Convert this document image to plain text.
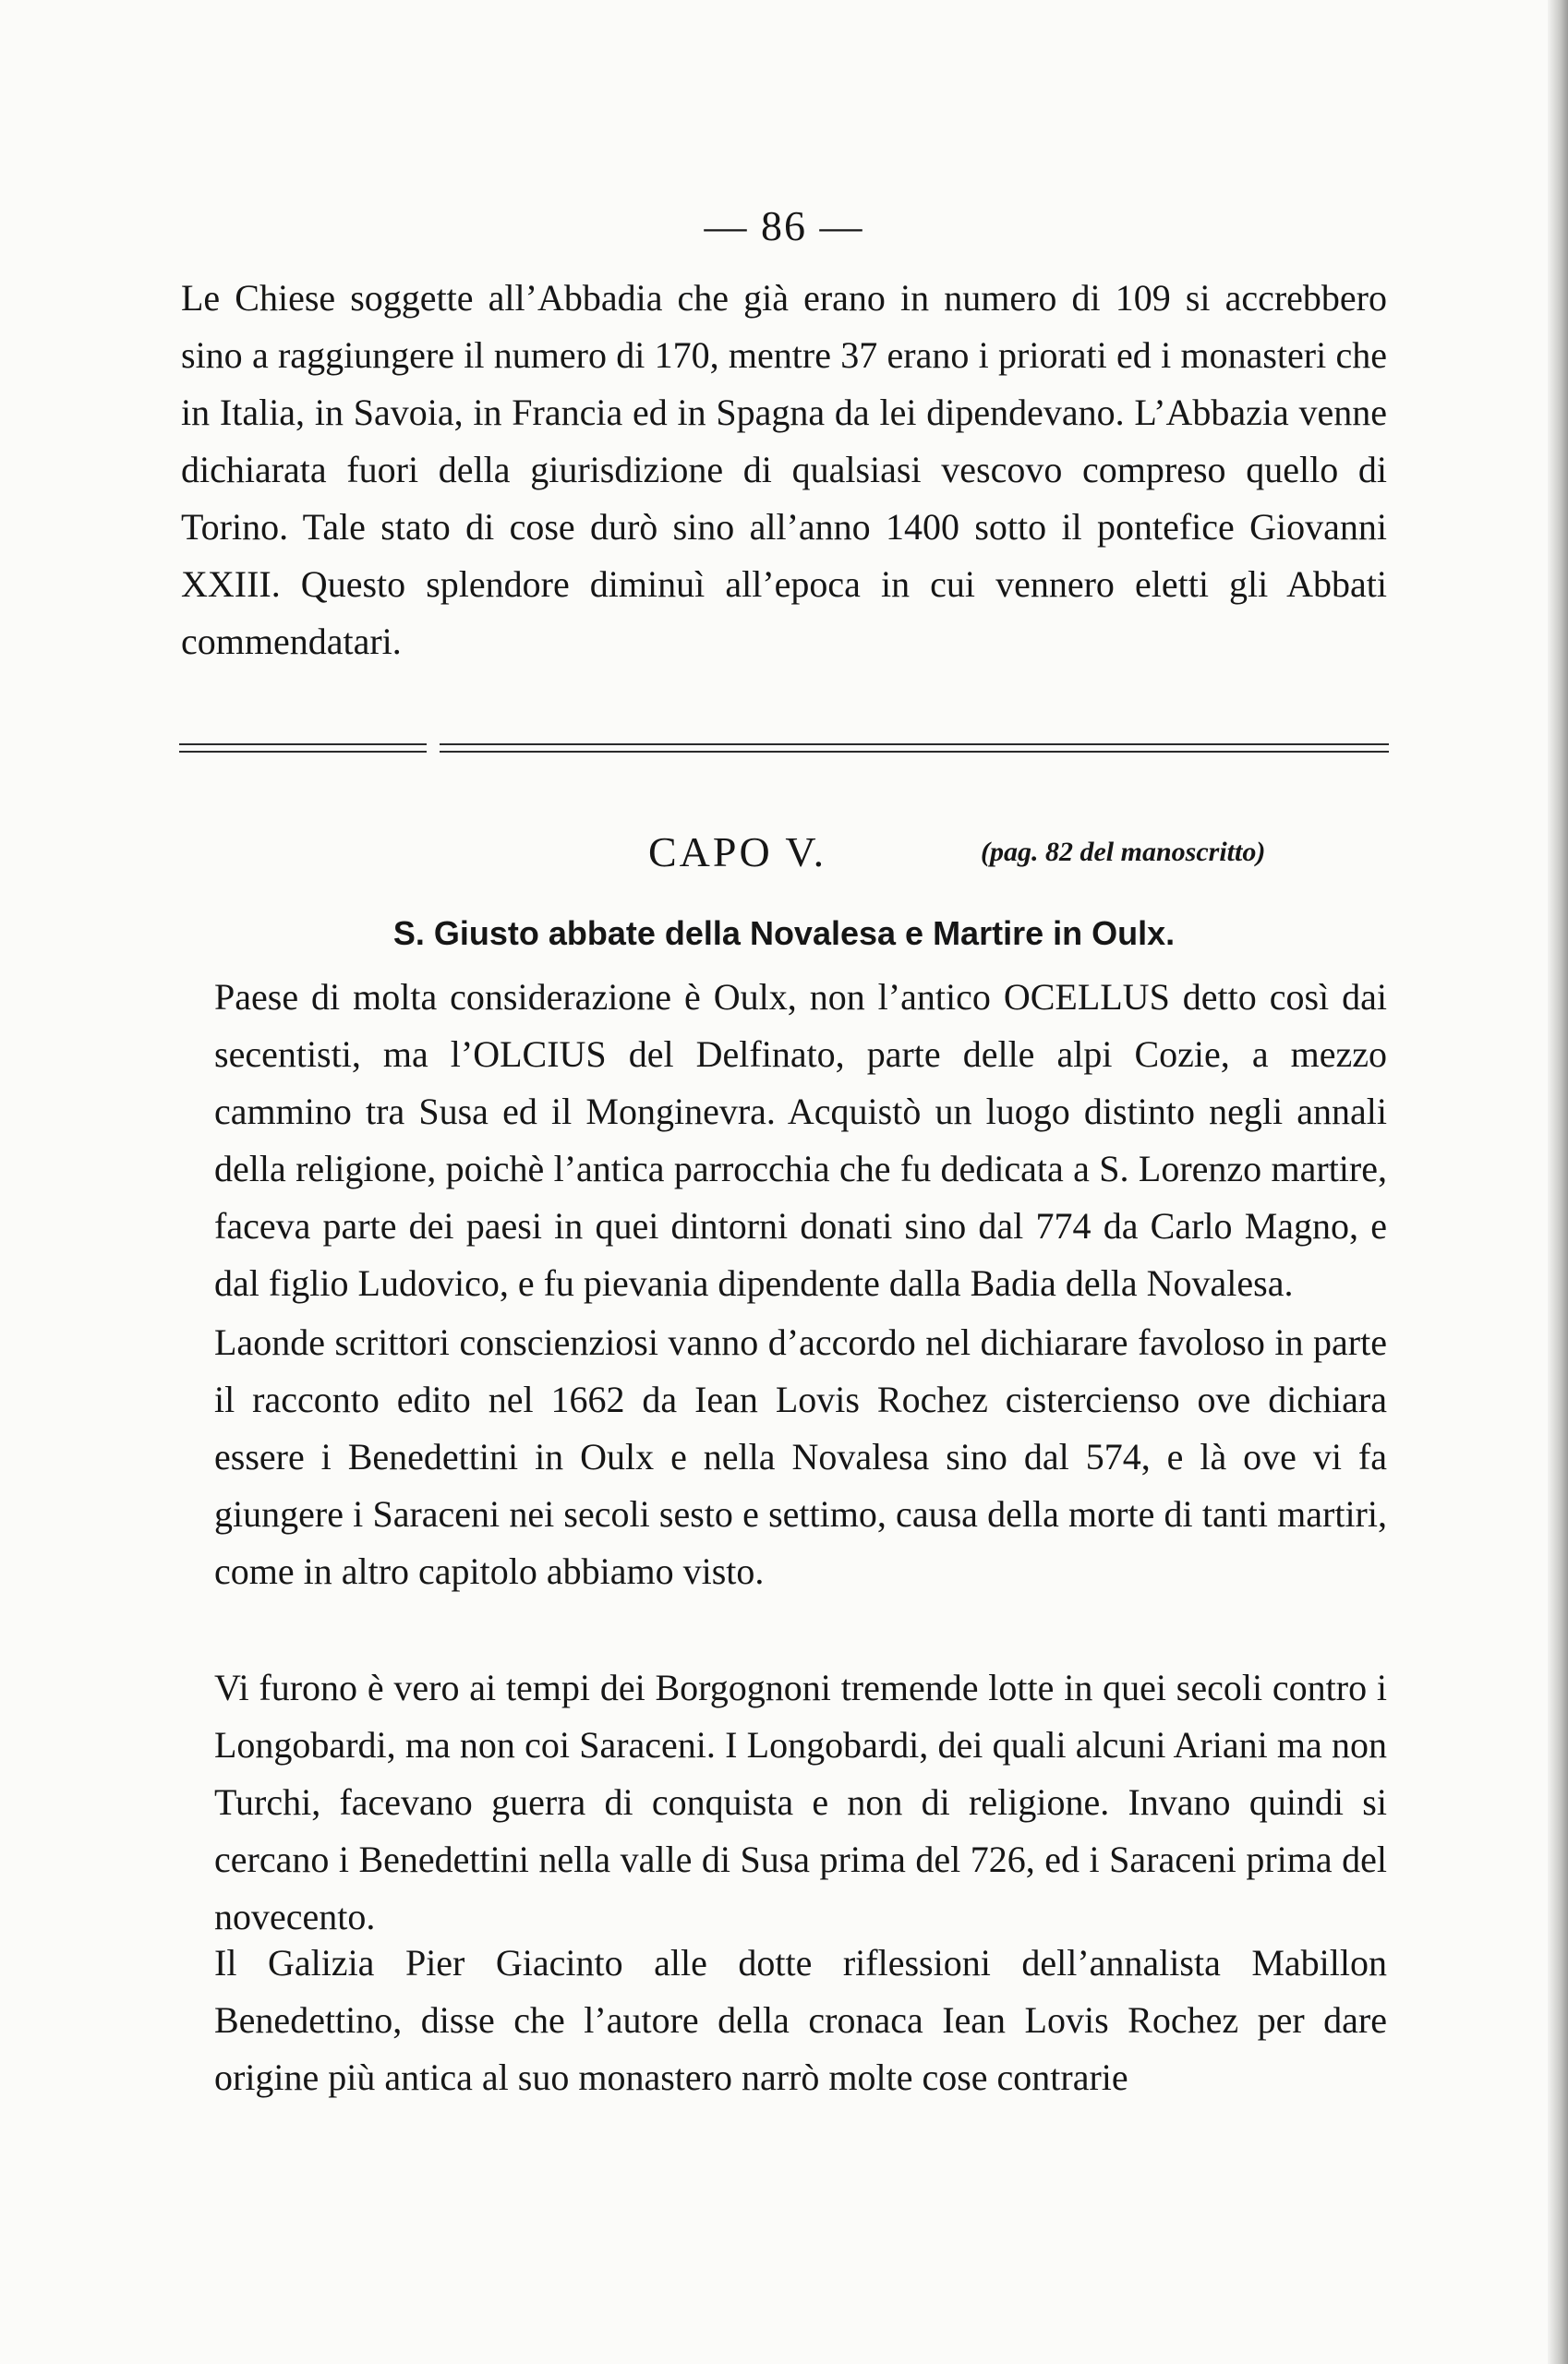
— 86 —

Le Chiese soggette all’Abbadia che già erano in numero di 109 si accrebbero sino a raggiungere il numero di 170, mentre 37 erano i priorati ed i monasteri che in Italia, in Savoia, in Francia ed in Spagna da lei dipendevano. L’Abbazia venne dichiarata fuori della giurisdizione di qualsiasi vescovo compreso quello di Torino. Tale stato di cose durò sino all’anno 1400 sotto il pontefice Giovanni XXIII. Questo splendore diminuì all’epoca in cui vennero eletti gli Abbati commendatari.

CAPO V.	(pag. 82 del manoscritto)
S. Giusto abbate della Novalesa e Martire in Oulx.

Paese di molta considerazione è Oulx, non l’antico OCELLUS detto così dai secentisti, ma l’OLCIUS del Delfinato, parte delle alpi Cozie, a mezzo cammino tra Susa ed il Monginevra. Acquistò un luogo distinto negli annali della religione, poichè l’antica parrocchia che fu dedicata a S. Lorenzo martire, faceva parte dei paesi in quei dintorni donati sino dal 774 da Carlo Magno, e dal figlio Ludovico, e fu pievania dipendente dalla Badia della Novalesa.

Laonde scrittori conscienziosi vanno d’accordo nel dichiarare favoloso in parte il racconto edito nel 1662 da Iean Lovis Rochez cistercienso ove dichiara essere i Benedettini in Oulx e nella Novalesa sino dal 574, e là ove vi fa giungere i Saraceni nei secoli sesto e settimo, causa della morte di tanti martiri, come in altro capitolo abbiamo visto.

Vi furono è vero ai tempi dei Borgognoni tremende lotte in quei secoli contro i Longobardi, ma non coi Saraceni. I Longobardi, dei quali alcuni Ariani ma non Turchi, facevano guerra di conquista e non di religione. Invano quindi si cercano i Benedettini nella valle di Susa prima del 726, ed i Saraceni prima del novecento.

Il Galizia Pier Giacinto alle dotte riflessioni dell’annalista Mabillon Benedettino, disse che l’autore della cronaca Iean Lovis Rochez per dare origine più antica al suo monastero narrò molte cose contrarie
